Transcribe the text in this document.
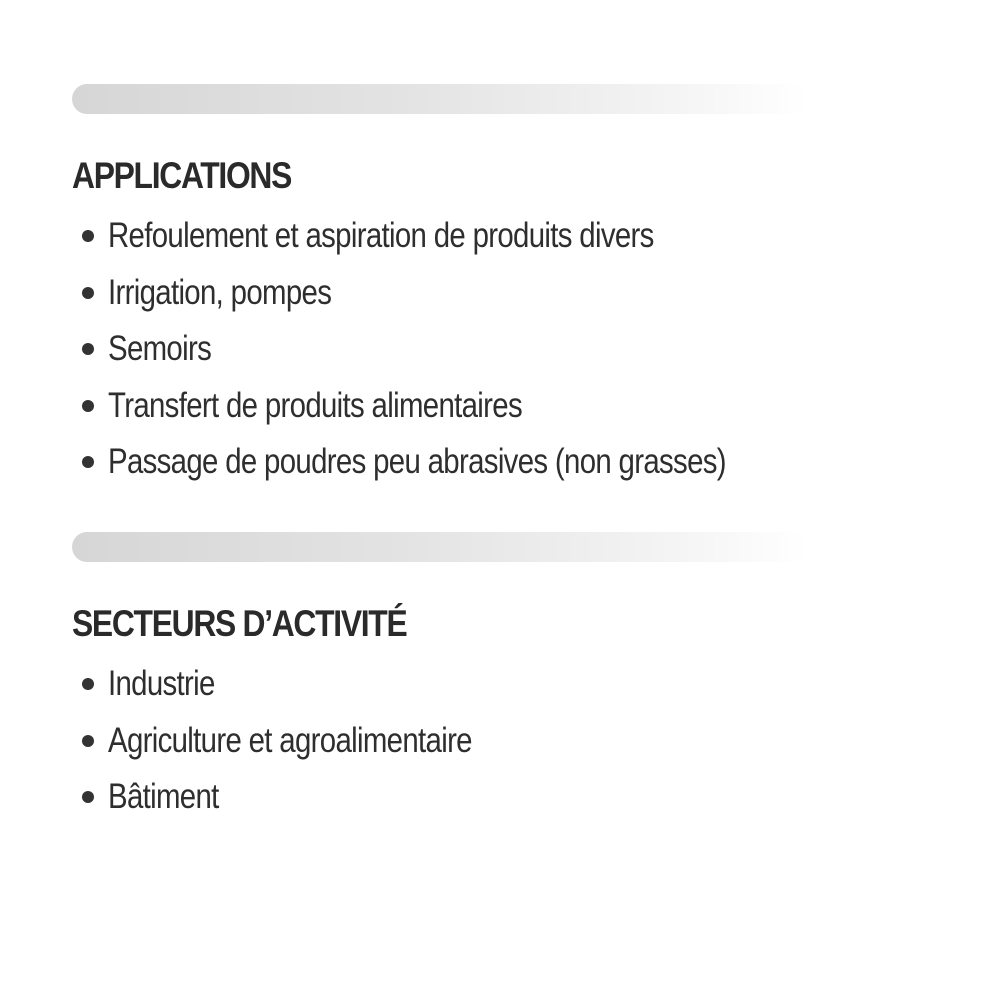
APPLICATIONS
Refoulement et aspiration de produits divers
Irrigation, pompes
Semoirs
Transfert de produits alimentaires
Passage de poudres peu abrasives (non grasses)
SECTEURS D’ACTIVITÉ
Industrie
Agriculture et agroalimentaire
Bâtiment
